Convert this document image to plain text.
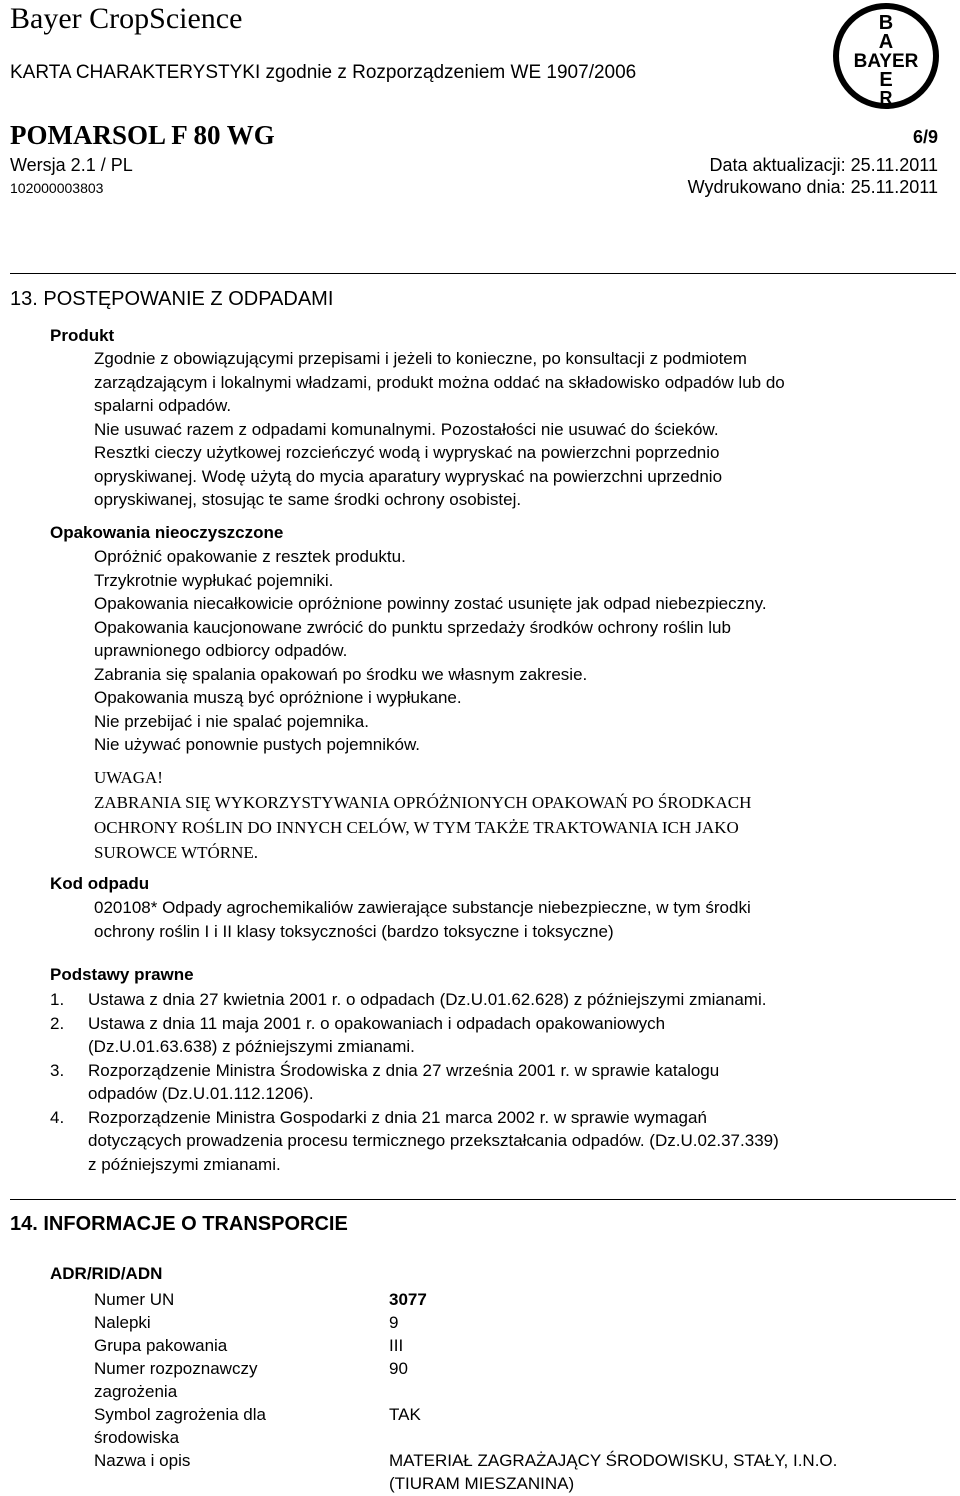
Bayer CropScience
KARTA CHARAKTERYSTYKI zgodnie z Rozporządzeniem WE 1907/2006
POMARSOL F 80 WG	6/9
Wersja 2.1 / PL	Data aktualizacji: 25.11.2011
102000003803	Wydrukowano dnia: 25.11.2011
B
A
BAYER
E
R
13. POSTĘPOWANIE Z ODPADAMI
Produkt

Zgodnie z obowiązującymi przepisami i jeżeli to konieczne, po konsultacji z podmiotem

zarządzającym i lokalnymi władzami, produkt można oddać na składowisko odpadów lub do

spalarni odpadów.

Nie usuwać razem z odpadami komunalnymi. Pozostałości nie usuwać do ścieków.

Resztki cieczy użytkowej rozcieńczyć wodą i wypryskać na powierzchni poprzednio

opryskiwanej. Wodę użytą do mycia aparatury wypryskać na powierzchni uprzednio

opryskiwanej, stosując te same środki ochrony osobistej.

Opakowania nieoczyszczone

Opróżnić opakowanie z resztek produktu.

Trzykrotnie wypłukać pojemniki.

Opakowania niecałkowicie opróżnione powinny zostać usunięte jak odpad niebezpieczny.

Opakowania kaucjonowane zwrócić do punktu sprzedaży środków ochrony roślin lub

uprawnionego odbiorcy odpadów.

Zabrania się spalania opakowań po środku we własnym zakresie.

Opakowania muszą być opróżnione i wypłukane.

Nie przebijać i nie spalać pojemnika.

Nie używać ponownie pustych pojemników.

UWAGA!

ZABRANIA SIĘ WYKORZYSTYWANIA OPRÓŻNIONYCH OPAKOWAŃ PO ŚRODKACH

OCHRONY ROŚLIN DO INNYCH CELÓW, W TYM TAKŻE TRAKTOWANIA ICH JAKO

SUROWCE WTÓRNE.

Kod odpadu

020108* Odpady agrochemikaliów zawierające substancje niebezpieczne, w tym środki

ochrony roślin I i II klasy toksyczności (bardzo toksyczne i toksyczne)

Podstawy prawne
1. Ustawa z dnia 27 kwietnia 2001 r. o odpadach (Dz.U.01.62.628) z późniejszymi zmianami.
2. Ustawa z dnia 11 maja 2001 r. o opakowaniach i odpadach opakowaniowych
(Dz.U.01.63.638) z późniejszymi zmianami.
3. Rozporządzenie Ministra Środowiska z dnia 27 września 2001 r. w sprawie katalogu
odpadów (Dz.U.01.112.1206).
4. Rozporządzenie Ministra Gospodarki z dnia 21 marca 2002 r. w sprawie wymagań
dotyczących prowadzenia procesu termicznego przekształcania odpadów. (Dz.U.02.37.339)
z późniejszymi zmianami.
14. INFORMACJE O TRANSPORCIE
ADR/RID/ADN
Numer UN	3077

Nalepki	9

Grupa pakowania	III

Numer rozpoznawczy
zagrożenia	90

Symbol zagrożenia dla
środowiska	TAK

Nazwa i opis	MATERIAŁ ZAGRAŻAJĄCY ŚRODOWISKU, STAŁY, I.N.O.
(TIURAM MIESZANINA)
